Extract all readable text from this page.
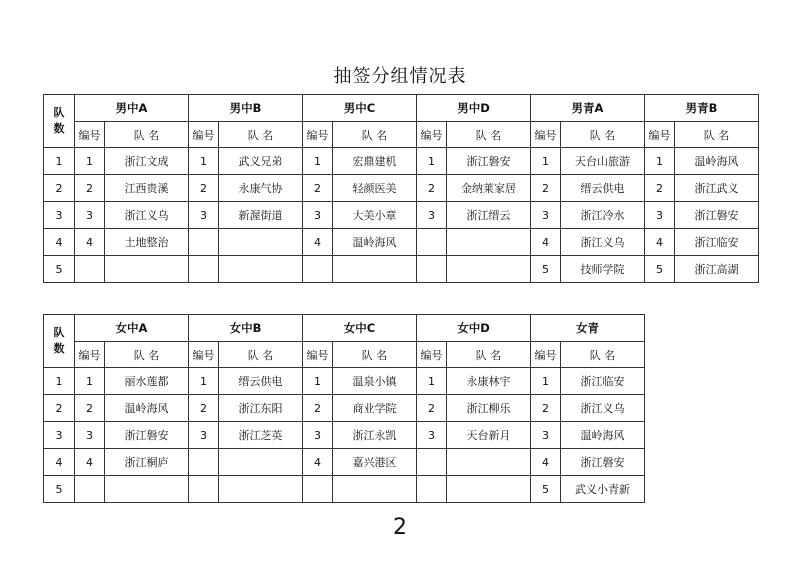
抽签分组情况表
队
数	男中A		男中B		男中C		男中D		男青A		男青B	
	编号	队 名	编号	队 名	编号	队 名	编号	队 名	编号	队 名	编号	队 名
1	1	浙江文成	1	武义兄弟	1	宏鼎建机	1	浙江磐安	1	天台山旅游	1	温岭海风
2	2	江西贵溪	2	永康气协	2	轻颜医美	2	金纳莱家居	2	缙云供电	2	浙江武义
3	3	浙江义乌	3	新渥街道	3	大美小章	3	浙江缙云	3	浙江冷水	3	浙江磐安
4	4	土地整治			4	温岭海风			4	浙江义乌	4	浙江临安
5									5	技师学院	5	浙江高湖
队
数	女中A		女中B		女中C		女中D		女青	
	编号	队 名	编号	队 名	编号	队 名	编号	队 名	编号	队 名
1	1	丽水莲都	1	缙云供电	1	温泉小镇	1	永康林宇	1	浙江临安
2	2	温岭海风	2	浙江东阳	2	商业学院	2	浙江柳乐	2	浙江义乌
3	3	浙江磐安	3	浙江芝英	3	浙江永凯	3	天台新月	3	温岭海风
4	4	浙江桐庐			4	嘉兴港区			4	浙江磐安
5									5	武义小青新
2
